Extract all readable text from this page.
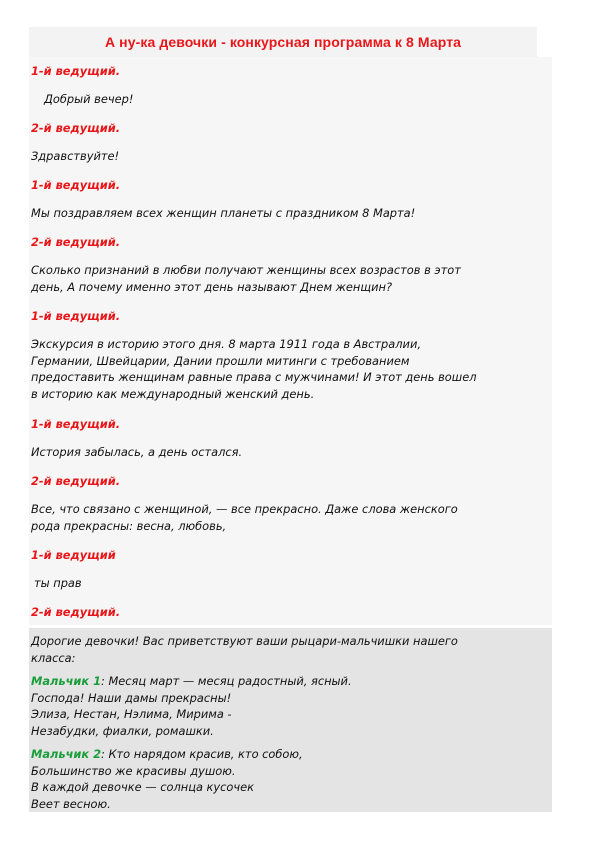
А ну-ка девочки - конкурсная программа к 8 Марта
1-й ведущий.
Добрый вечер!
2-й ведущий.
Здравствуйте!
1-й ведущий.
Мы поздравляем всех женщин планеты с праздником 8 Марта!
2-й ведущий.
Сколько признаний в любви получают женщины всех возрастов в этот
день, А почему именно этот день называют Днем женщин?
1-й ведущий.
Экскурсия в историю этого дня. 8 марта 1911 года в Австралии,
Германии, Швейцарии, Дании прошли митинги с требованием
предоставить женщинам равные права с мужчинами! И этот день вошел
в историю как международный женский день.
1-й ведущий.
История забылась, а день остался.
2-й ведущий.
Все, что связано с женщиной, — все прекрасно. Даже слова женского
рода прекрасны: весна, любовь,
1-й ведущий
ты прав
2-й ведущий.
Дорогие девочки! Вас приветствуют ваши рыцари-мальчишки нашего
класса:
Мальчик 1: Месяц март — месяц радостный, ясный.
Господа! Наши дамы прекрасны!
Элиза, Нестан, Нэлима, Мирима -
Незабудки, фиалки, ромашки.
Мальчик 2: Кто нарядом красив, кто собою,
Большинство же красивы душою.
В каждой девочке — солнца кусочек
Веет весною.
